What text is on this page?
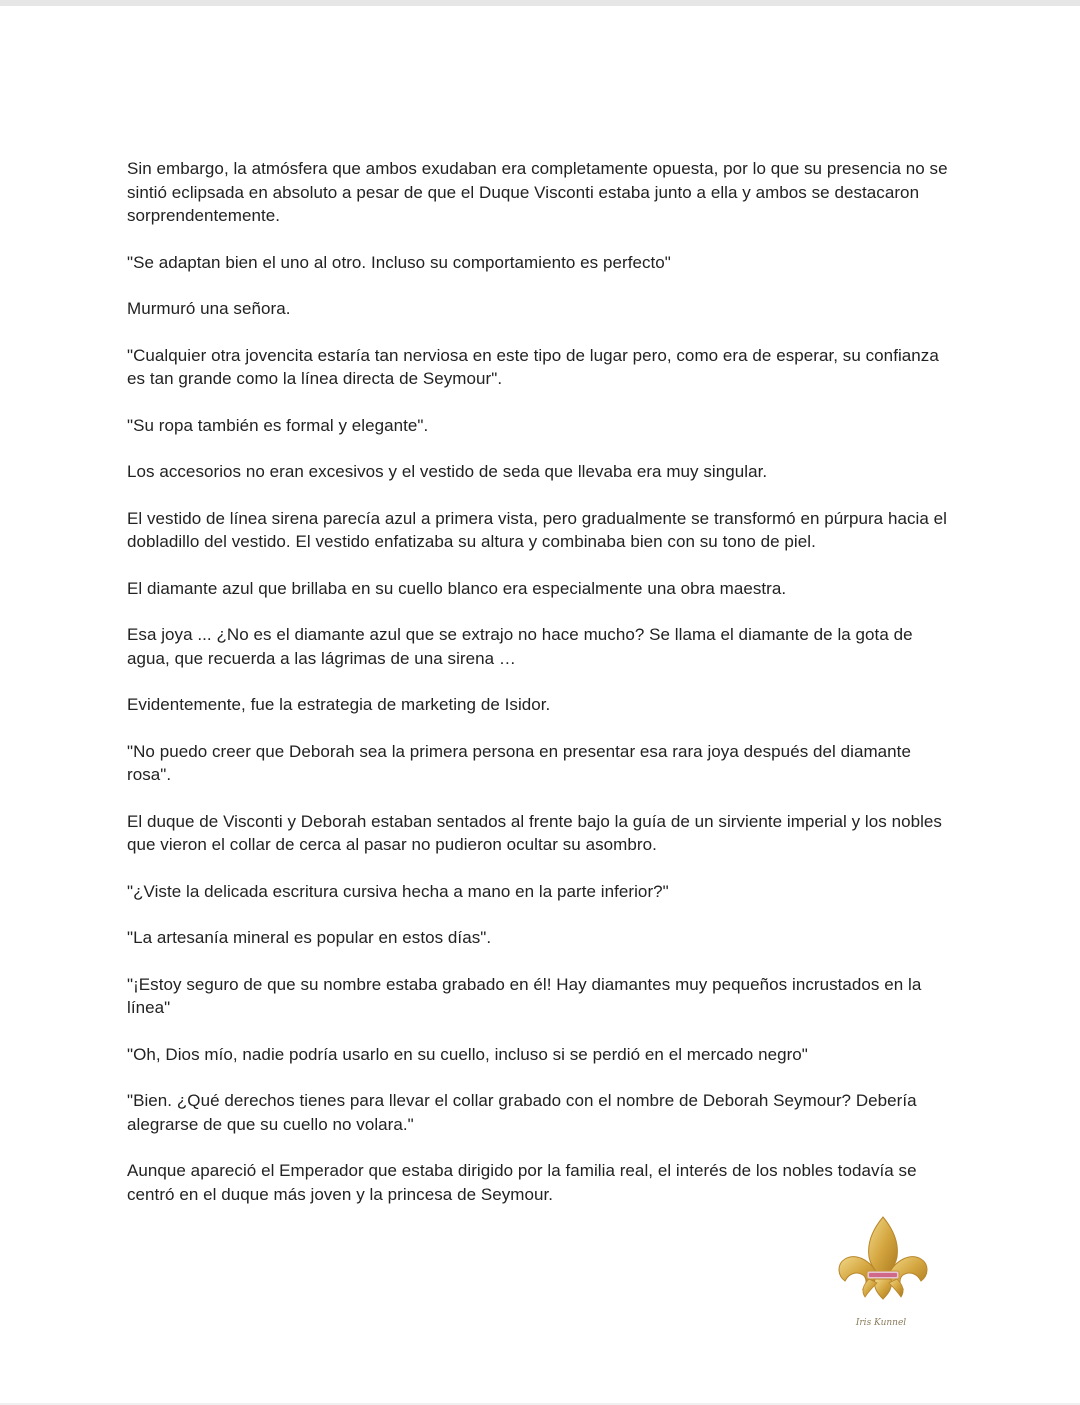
Sin embargo, la atmósfera que ambos exudaban era completamente opuesta, por lo que su presencia no se sintió eclipsada en absoluto a pesar de que el Duque Visconti estaba junto a ella y ambos se destacaron sorprendentemente.

"Se adaptan bien el uno al otro. Incluso su comportamiento es perfecto"

Murmuró una señora.

"Cualquier otra jovencita estaría tan nerviosa en este tipo de lugar pero, como era de esperar, su confianza es tan grande como la línea directa de Seymour".

"Su ropa también es formal y elegante".

Los accesorios no eran excesivos y el vestido de seda que llevaba era muy singular.

El vestido de línea sirena parecía azul a primera vista, pero gradualmente se transformó en púrpura hacia el dobladillo del vestido. El vestido enfatizaba su altura y combinaba bien con su tono de piel.

El diamante azul que brillaba en su cuello blanco era especialmente una obra maestra.

Esa joya ... ¿No es el diamante azul que se extrajo no hace mucho? Se llama el diamante de la gota de agua, que recuerda a las lágrimas de una sirena …

Evidentemente, fue la estrategia de marketing de Isidor.

"No puedo creer que Deborah sea la primera persona en presentar esa rara joya después del diamante rosa".

El duque de Visconti y Deborah estaban sentados al frente bajo la guía de un sirviente imperial y los nobles que vieron el collar de cerca al pasar no pudieron ocultar su asombro.

"¿Viste la delicada escritura cursiva hecha a mano en la parte inferior?"

"La artesanía mineral es popular en estos días".

"¡Estoy seguro de que su nombre estaba grabado en él! Hay diamantes muy pequeños incrustados en la línea"

"Oh, Dios mío, nadie podría usarlo en su cuello, incluso si se perdió en el mercado negro"

"Bien. ¿Qué derechos tienes para llevar el collar grabado con el nombre de Deborah Seymour? Debería alegrarse de que su cuello no volara."

Aunque apareció el Emperador que estaba dirigido por la familia real, el interés de los nobles todavía se centró en el duque más joven y la princesa de Seymour.

Iris Kunnel
